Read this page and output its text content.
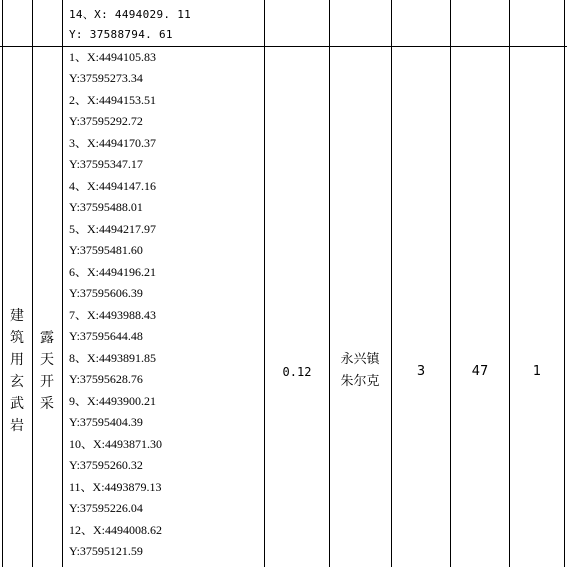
14、X: 4494029. 11
Y: 37588794. 61
建筑用玄武岩
露天开采
1、X:4494105.83
Y:37595273.34
2、X:4494153.51
Y:37595292.72
3、X:4494170.37
Y:37595347.17
4、X:4494147.16
Y:37595488.01
5、X:4494217.97
Y:37595481.60
6、X:4494196.21
Y:37595606.39
7、X:4493988.43
Y:37595644.48
8、X:4493891.85
Y:37595628.76
9、X:4493900.21
Y:37595404.39
10、X:4493871.30
Y:37595260.32
11、X:4493879.13
Y:37595226.04
12、X:4494008.62
Y:37595121.59
0.12
永兴镇朱尔克
3	47	1
